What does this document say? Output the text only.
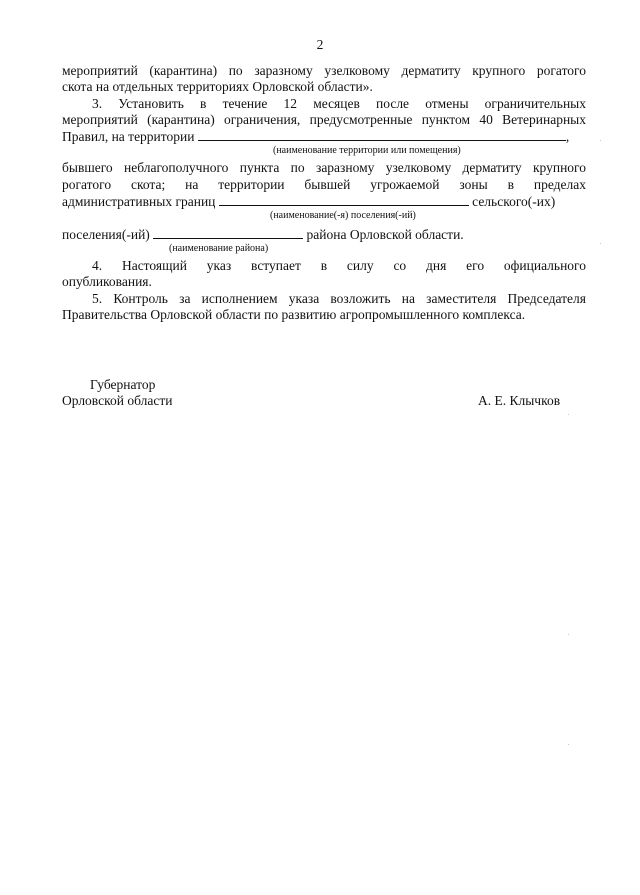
2
мероприятий (карантина) по заразному узелковому дерматиту крупного рогатого
скота на отдельных территориях Орловской области».
3. Установить в течение 12 месяцев после отмены ограничительных
мероприятий (карантина) ограничения, предусмотренные пунктом 40 Ветеринарных
Правил, на территории	,
(наименование территории или помещения)
бывшего неблагополучного пункта по заразному узелковому дерматиту крупного
рогатого скота; на территории бывшей угрожаемой зоны в пределах
административных границ	сельского(-их)
(наименование(-я) поселения(-ий)
поселения(-ий)	района Орловской области.
(наименование района)
4. Настоящий указ вступает в силу со дня его официального
опубликования.
5. Контроль за исполнением указа возложить на заместителя Председателя
Правительства Орловской области по развитию агропромышленного комплекса.
Губернатор
Орловской области	А. Е. Клычков
